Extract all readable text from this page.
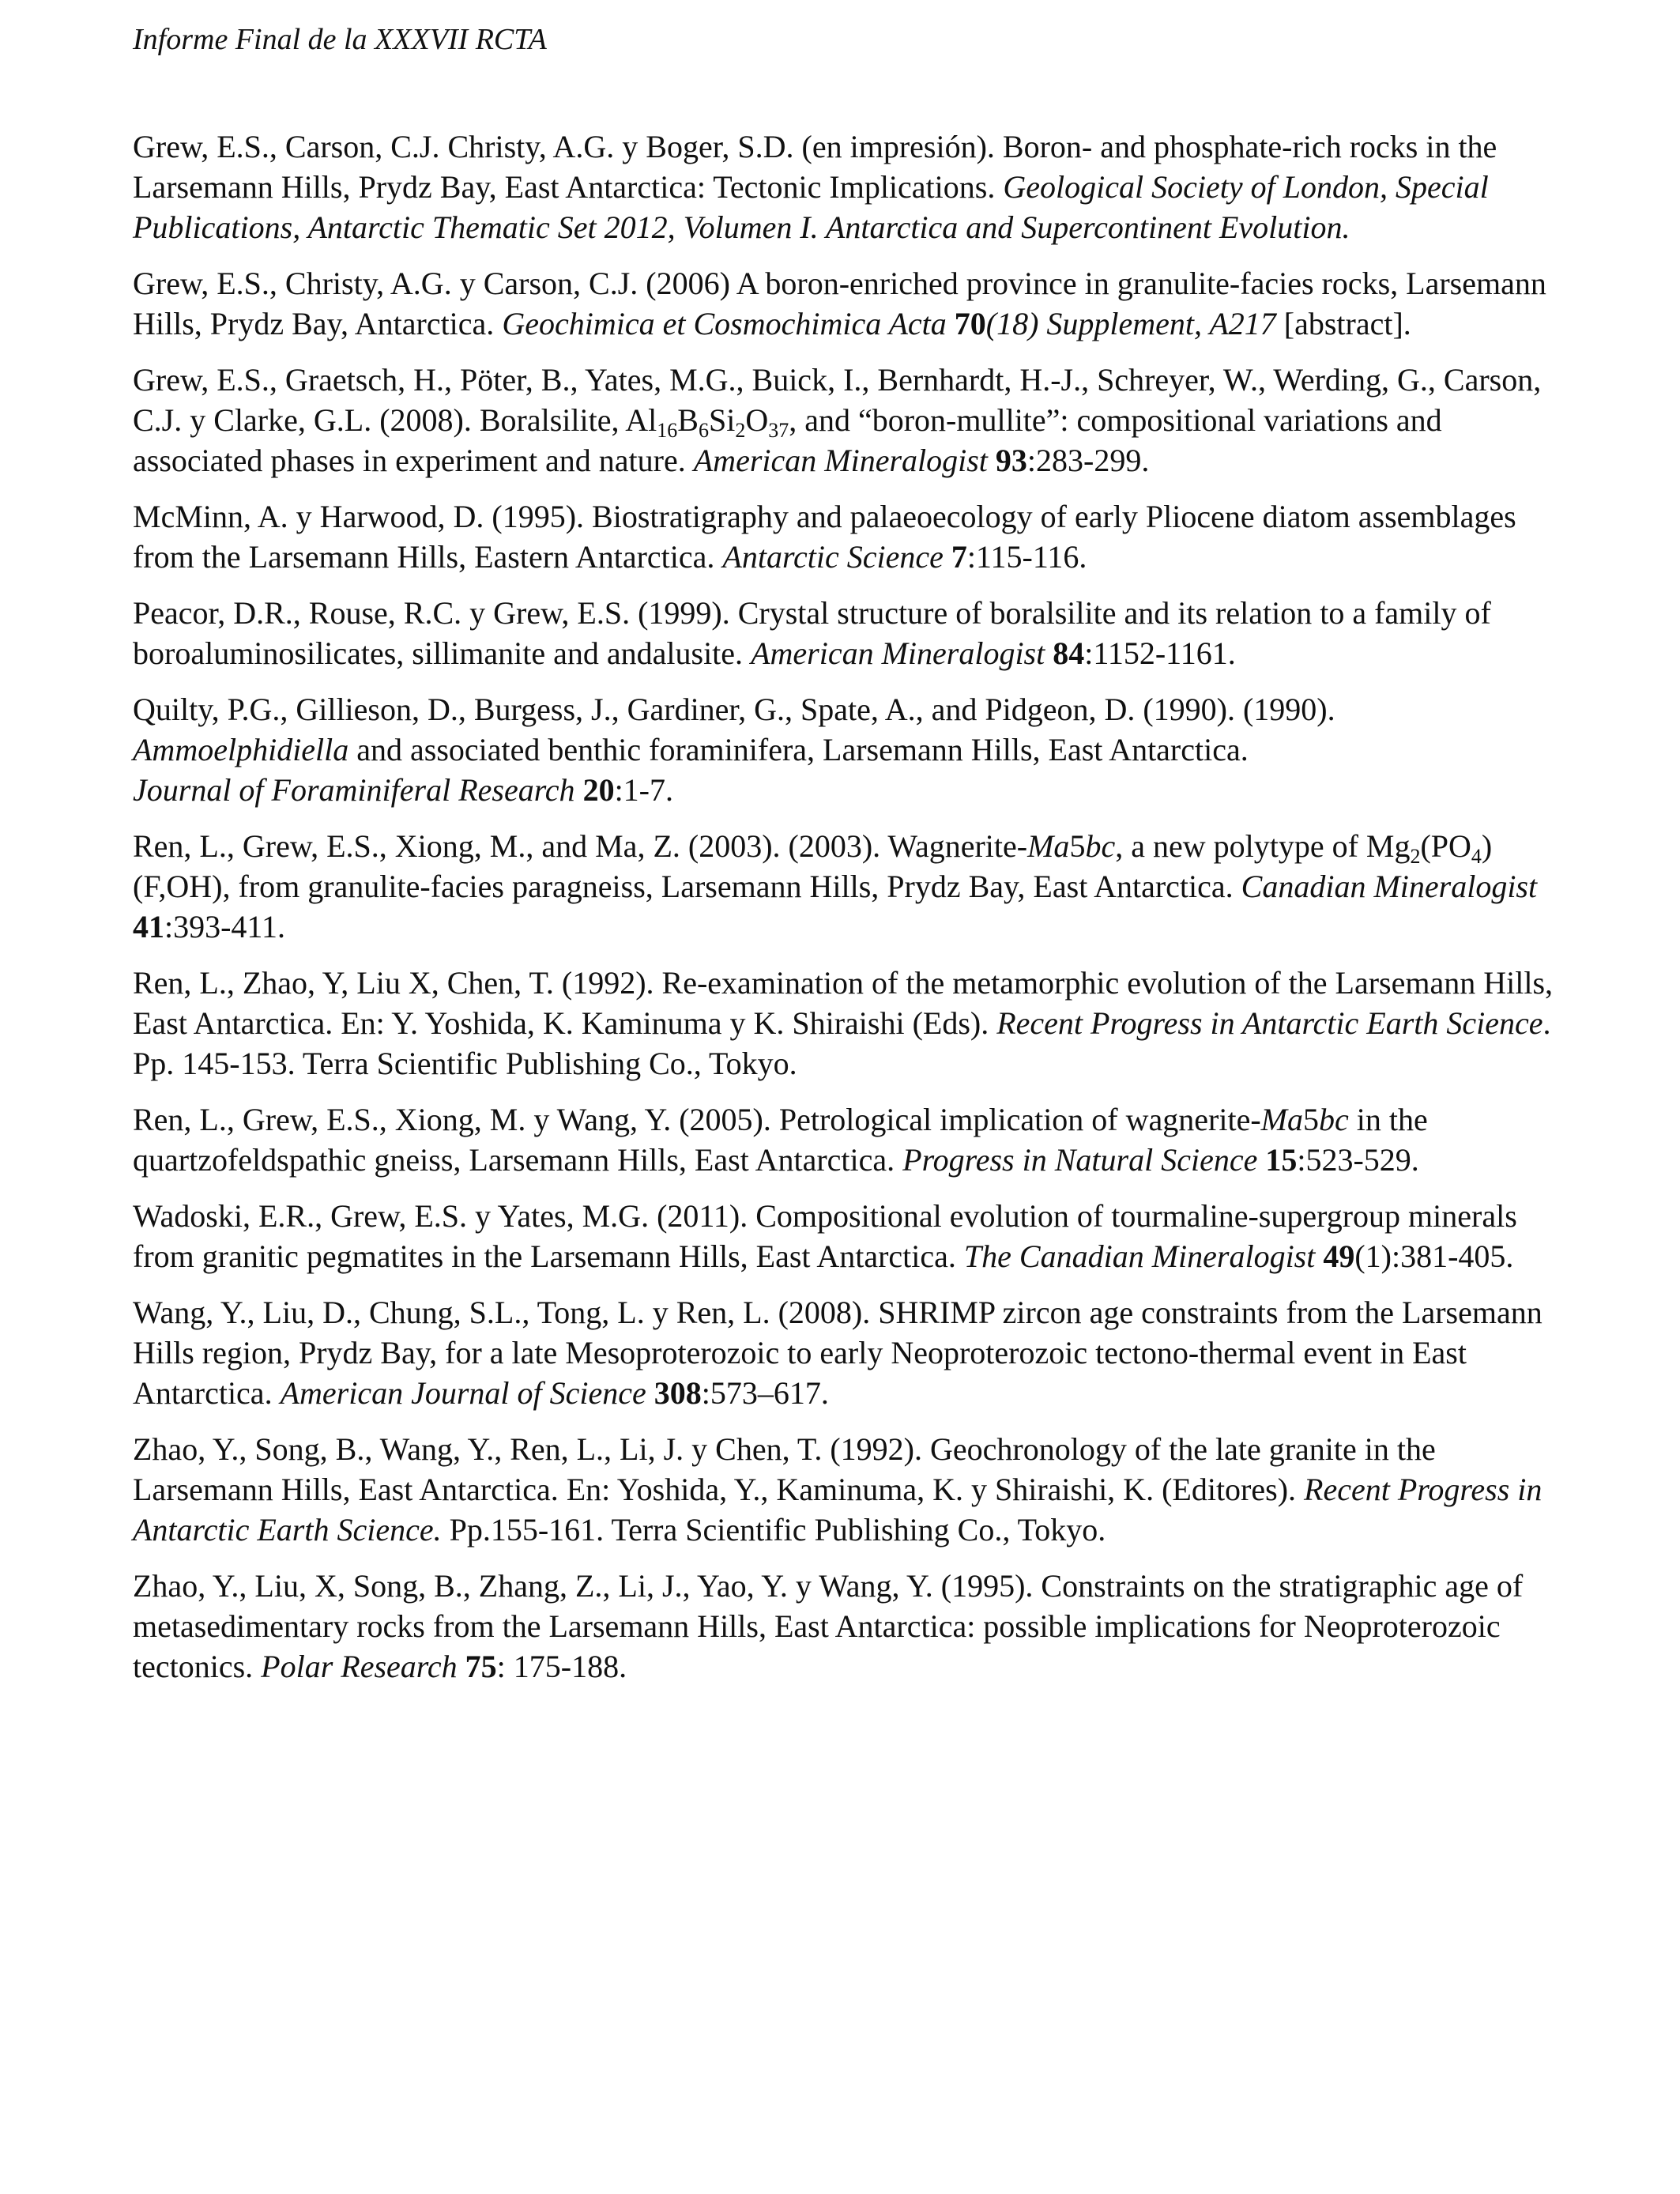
Informe Final de la XXXVII RCTA

Grew, E.S., Carson, C.J. Christy, A.G. y Boger, S.D. (en impresión). Boron- and phosphate-rich rocks in the Larsemann Hills, Prydz Bay, East Antarctica: Tectonic Implications. Geological Society of London, Special Publications, Antarctic Thematic Set 2012, Volumen I. Antarctica and Supercontinent Evolution.

Grew, E.S., Christy, A.G. y Carson, C.J. (2006) A boron-enriched province in granulite-facies rocks, Larsemann Hills, Prydz Bay, Antarctica. Geochimica et Cosmochimica Acta 70(18) Supplement, A217 [abstract].

Grew, E.S., Graetsch, H., Pöter, B., Yates, M.G., Buick, I., Bernhardt, H.-J., Schreyer, W., Werding, G., Carson, C.J. y Clarke, G.L. (2008). Boralsilite, $Al_{16}B_6Si_2O_{37}$, and “boron-mullite”: compositional variations and associated phases in experiment and nature. American Mineralogist 93:283-299.

McMinn, A. y Harwood, D. (1995). Biostratigraphy and palaeoecology of early Pliocene diatom assemblages from the Larsemann Hills, Eastern Antarctica. Antarctic Science 7:115-116.

Peacor, D.R., Rouse, R.C. y Grew, E.S. (1999). Crystal structure of boralsilite and its relation to a family of boroaluminosilicates, sillimanite and andalusite. American Mineralogist 84:1152-1161.

Quilty, P.G., Gillieson, D., Burgess, J., Gardiner, G., Spate, A., and Pidgeon, D. (1990). (1990). Ammoelphidiella and associated benthic foraminifera, Larsemann Hills, East Antarctica.
Journal of Foraminiferal Research 20:1-7.

Ren, L., Grew, E.S., Xiong, M., and Ma, Z. (2003). (2003). Wagnerite-Ma5bc, a new polytype of $Mg_2(PO_4)(F,OH)$, from granulite-facies paragneiss, Larsemann Hills, Prydz Bay, East Antarctica. Canadian Mineralogist 41:393-411.

Ren, L., Zhao, Y, Liu X, Chen, T. (1992). Re-examination of the metamorphic evolution of the Larsemann Hills, East Antarctica. En: Y. Yoshida, K. Kaminuma y K. Shiraishi (Eds). Recent Progress in Antarctic Earth Science. Pp. 145-153. Terra Scientific Publishing Co., Tokyo.

Ren, L., Grew, E.S., Xiong, M. y Wang, Y. (2005). Petrological implication of wagnerite-Ma5bc in the quartzofeldspathic gneiss, Larsemann Hills, East Antarctica. Progress in Natural Science 15:523-529.

Wadoski, E.R., Grew, E.S. y Yates, M.G. (2011). Compositional evolution of tourmaline-supergroup minerals from granitic pegmatites in the Larsemann Hills, East Antarctica. The Canadian Mineralogist 49(1):381-405.

Wang, Y., Liu, D., Chung, S.L., Tong, L. y Ren, L. (2008). SHRIMP zircon age constraints from the Larsemann Hills region, Prydz Bay, for a late Mesoproterozoic to early Neoproterozoic tectono-thermal event in East Antarctica. American Journal of Science 308:573–617.

Zhao, Y., Song, B., Wang, Y., Ren, L., Li, J. y Chen, T. (1992). Geochronology of the late granite in the Larsemann Hills, East Antarctica. En: Yoshida, Y., Kaminuma, K. y Shiraishi, K. (Editores). Recent Progress in Antarctic Earth Science. Pp.155-161. Terra Scientific Publishing Co., Tokyo.

Zhao, Y., Liu, X, Song, B., Zhang, Z., Li, J., Yao, Y. y Wang, Y. (1995). Constraints on the stratigraphic age of metasedimentary rocks from the Larsemann Hills, East Antarctica: possible implications for Neoproterozoic tectonics. Polar Research 75: 175-188.
